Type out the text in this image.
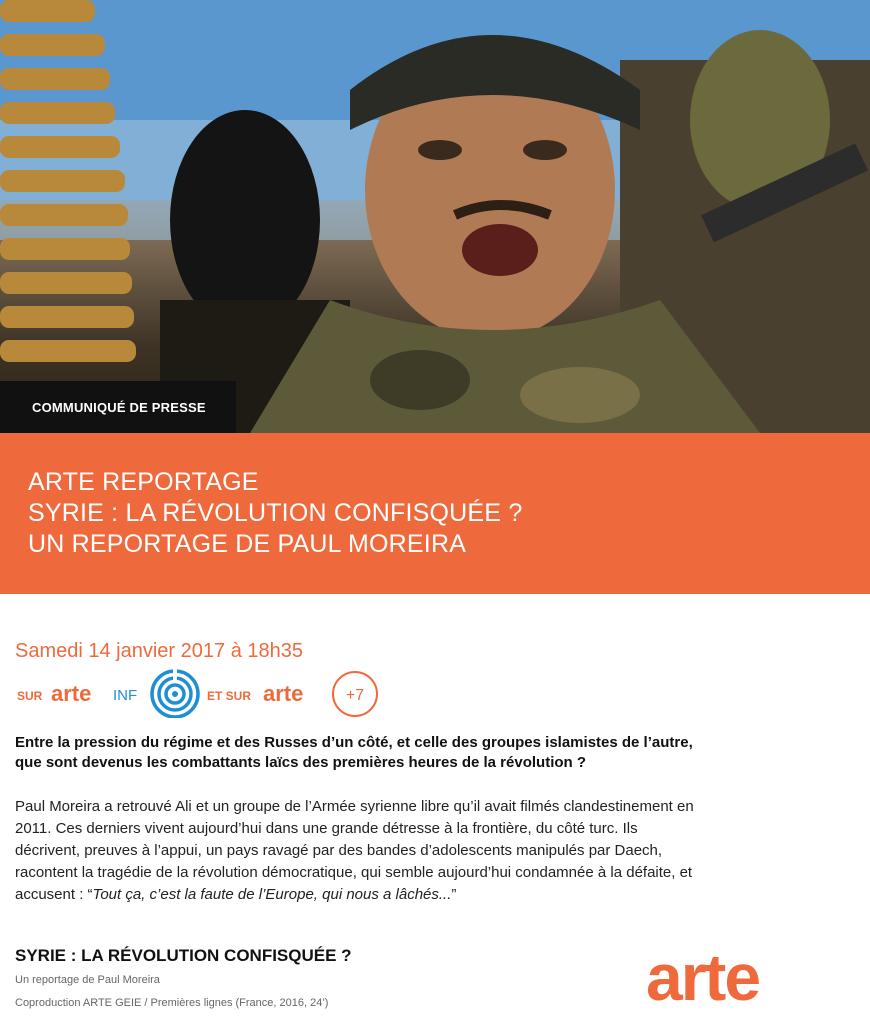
COMMUNIQUÉ DE PRESSE
ARTE REPORTAGE
SYRIE : LA RÉVOLUTION CONFISQUÉE ?
UN REPORTAGE DE PAUL MOREIRA
Samedi 14 janvier 2017 à 18h35
SUR arte INF	ET SUR arte	+7
Entre la pression du régime et des Russes d’un côté, et celle des groupes islamistes de l’autre, que sont devenus les combattants laïcs des premières heures de la révolution ?
Paul Moreira a retrouvé Ali et un groupe de l’Armée syrienne libre qu’il avait filmés clandestinement en 2011. Ces derniers vivent aujourd’hui dans une grande détresse à la frontière, du côté turc. Ils décrivent, preuves à l’appui, un pays ravagé par des bandes d’adolescents manipulés par Daech, racontent la tragédie de la révolution démocratique, qui semble aujourd’hui condamnée à la défaite, et accusent : “Tout ça, c’est la faute de l’Europe, qui nous a lâchés...”
SYRIE : LA RÉVOLUTION CONFISQUÉE ?
Un reportage de Paul Moreira
Coproduction ARTE GEIE / Premières lignes (France, 2016, 24’)	arte
